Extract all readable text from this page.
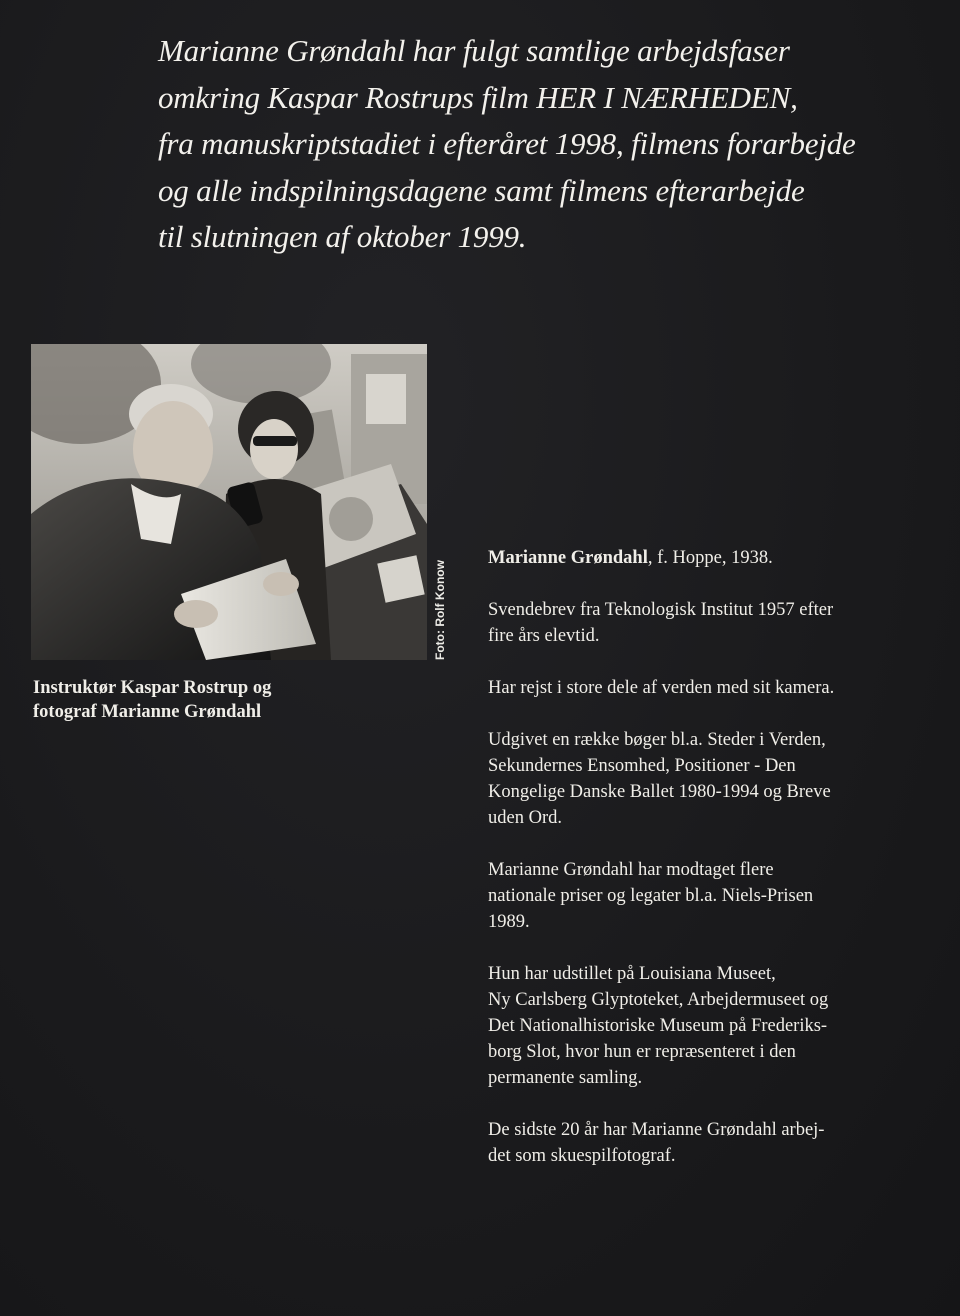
Marianne Grøndahl har fulgt samtlige arbejdsfaser
omkring Kaspar Rostrups film HER I NÆRHEDEN,
fra manuskriptstadiet i efteråret 1998, filmens forarbejde
og alle indspilningsdagene samt filmens efterarbejde
til slutningen af oktober 1999.
Foto: Rolf Konow
Instruktør Kaspar Rostrup og
fotograf Marianne Grøndahl

Marianne Grøndahl, f. Hoppe, 1938.

Svendebrev fra Teknologisk Institut 1957 efter
fire års elevtid.

Har rejst i store dele af verden med sit kamera.

Udgivet en række bøger bl.a. Steder i Verden,
Sekundernes Ensomhed, Positioner - Den
Kongelige Danske Ballet 1980-1994 og Breve
uden Ord.

Marianne Grøndahl har modtaget flere
nationale priser og legater bl.a. Niels-Prisen
1989.

Hun har udstillet på Louisiana Museet,
Ny Carlsberg Glyptoteket, Arbejdermuseet og
Det Nationalhistoriske Museum på Frederiks-
borg Slot, hvor hun er repræsenteret i den
permanente samling.

De sidste 20 år har Marianne Grøndahl arbej-
det som skuespilfotograf.
